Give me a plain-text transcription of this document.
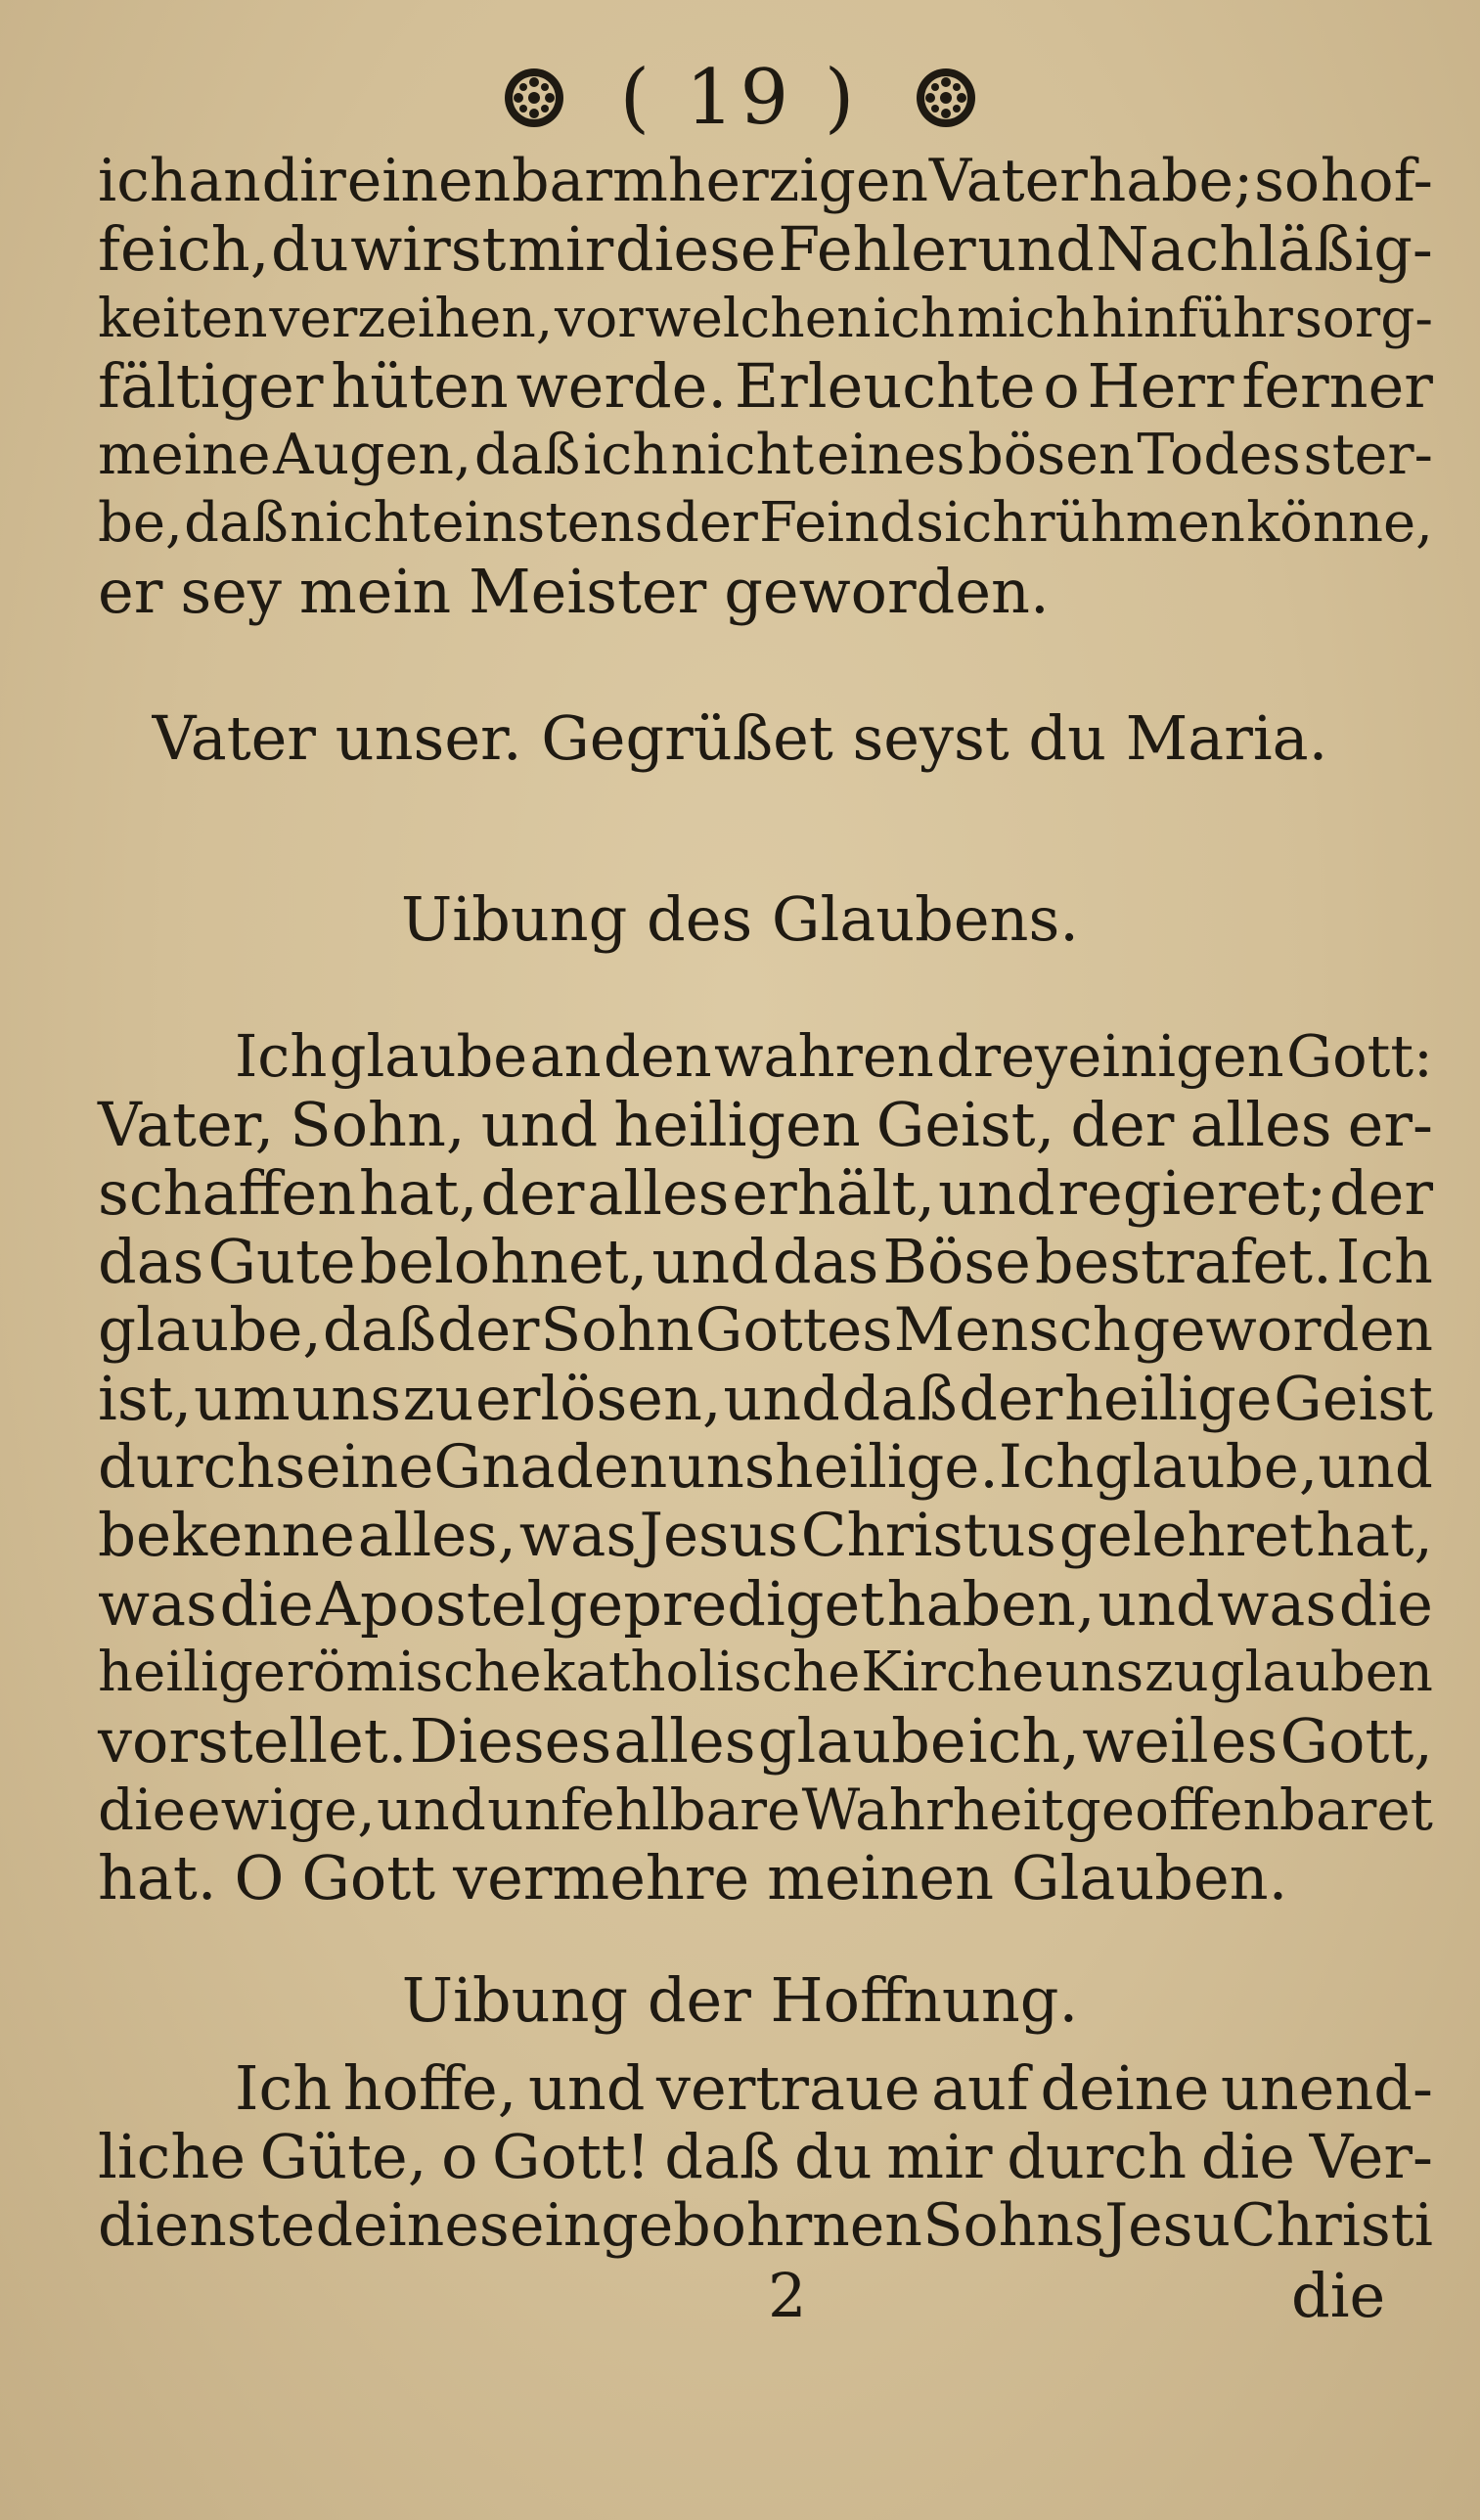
( 19 )
ich an dir einen barmherzigen Vater habe; so hof-
fe ich, du wirst mir diese Fehler und Nachläßig-
keiten verzeihen, vor welchen ich mich hinführ sorg-
fältiger hüten werde. Erleuchte o Herr ferner
meine Augen, daß ich nicht eines bösen Todes ster-
be, daß nicht einstens der Feind sich rühmen könne,
er sey mein Meister geworden.
Vater unser. Gegrüßet seyst du Maria.
Uibung des Glaubens.
Ich glaube an den wahren dreyeinigen Gott:
Vater, Sohn, und heiligen Geist, der alles er-
schaffen hat, der alles erhält, und regieret; der
das Gute belohnet, und das Böse bestrafet. Ich
glaube, daß der Sohn Gottes Mensch geworden
ist, um uns zu erlösen, und daß der heilige Geist
durch seine Gnaden uns heilige. Ich glaube, und
bekenne alles, was Jesus Christus gelehret hat,
was die Apostel geprediget haben, und was die
heilige römische katholische Kirche uns zu glauben
vorstellet. Dieses alles glaube ich, weil es Gott,
die ewige, und unfehlbare Wahrheit geoffenbaret
hat. O Gott vermehre meinen Glauben.
Uibung der Hoffnung.
Ich hoffe, und vertraue auf deine unend-
liche Güte, o Gott! daß du mir durch die Ver-
dienste deines eingebohrnen Sohns Jesu Christi
2	die
